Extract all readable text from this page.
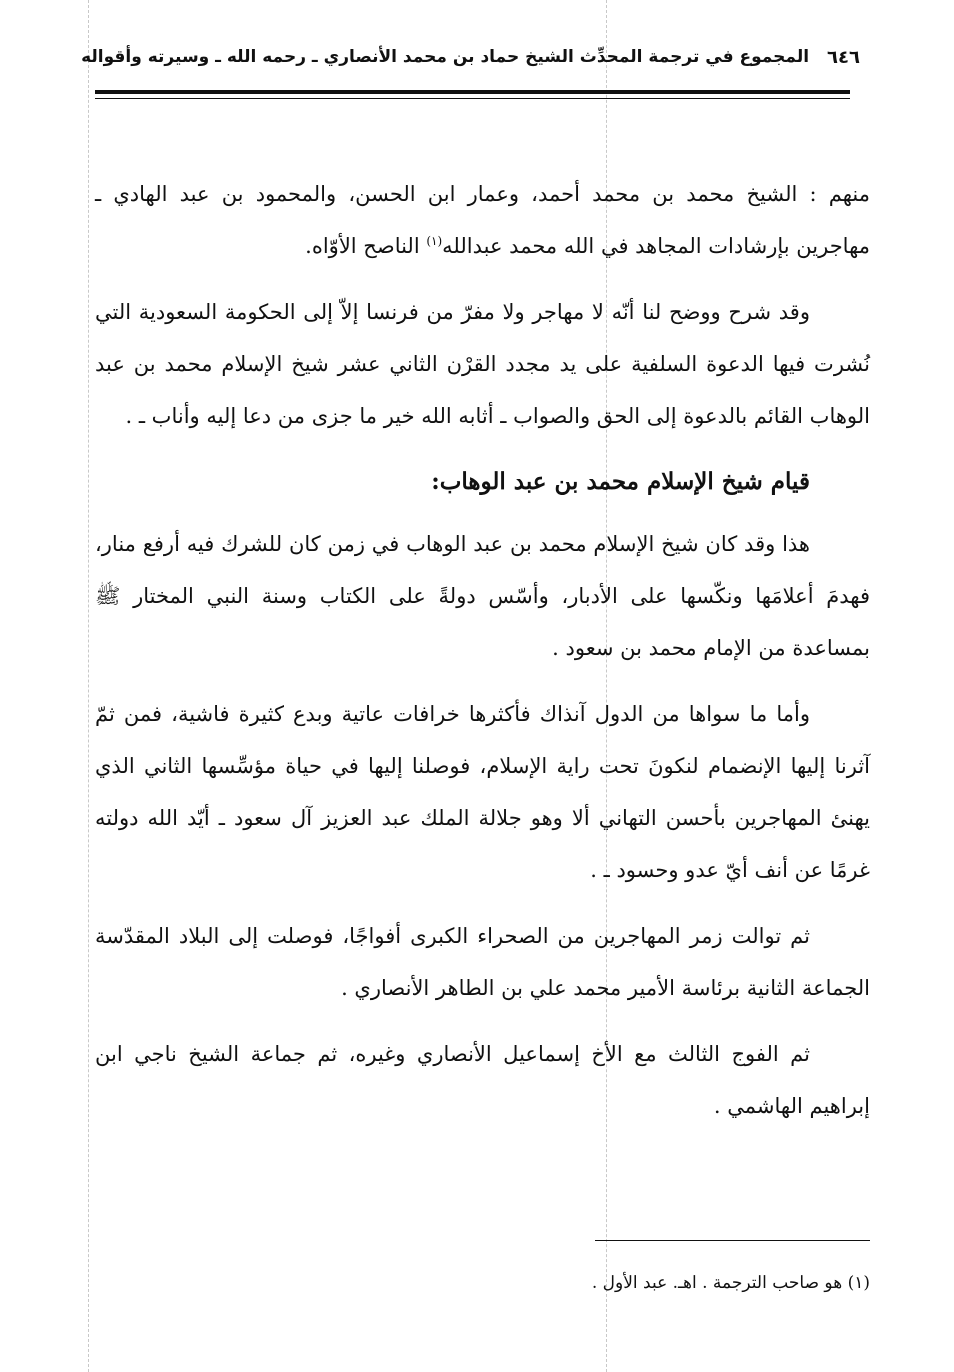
٦٤٦
المجموع في ترجمة المحدِّث الشيخ حماد بن محمد الأنصاري ـ رحمه الله ـ وسيرته وأقواله

منهم : الشيخ محمد بن محمد أحمد، وعمار ابن الحسن، والمحمود بن عبد الهادي ـ مهاجرين بإرشادات المجاهد في الله محمد عبدالله$^{(١)}$ الناصح الأوّاه.

وقد شرح ووضح لنا أنّه لا مهاجر ولا مفرّ من فرنسا إلاّ إلى الحكومة السعودية التي نُشرت فيها الدعوة السلفية على يد مجدد القرْن الثاني عشر شيخ الإسلام محمد بن عبد الوهاب القائم بالدعوة إلى الحق والصواب ـ أثابه الله خير ما جزى من دعا إليه وأناب ـ .

قيام شيخ الإسلام محمد بن عبد الوهاب:

هذا وقد كان شيخ الإسلام محمد بن عبد الوهاب في زمن كان للشرك فيه أرفع منار، فهدمَ أعلامَها ونكّسها على الأدبار، وأسّس دولةً على الكتاب وسنة النبي المختار ﷺ بمساعدة من الإمام محمد بن سعود .

وأما ما سواها من الدول آنذاك فأكثرها خرافات عاتية وبدع كثيرة فاشية، فمن ثمّ آثرنا إليها الإنضمام لنكونَ تحت راية الإسلام، فوصلنا إليها في حياة مؤسِّسها الثاني الذي يهنئ المهاجرين بأحسن التهاني ألا وهو جلالة الملك عبد العزيز آل سعود ـ أيّد الله دولته غرمًا عن أنف أيّ عدو وحسود ـ .

ثم توالت زمر المهاجرين من الصحراء الكبرى أفواجًا، فوصلت إلى البلاد المقدّسة الجماعة الثانية برئاسة الأمير محمد علي بن الطاهر الأنصاري .

ثم الفوج الثالث مع الأخ إسماعيل الأنصاري وغيره، ثم جماعة الشيخ ناجي ابن إبراهيم الهاشمي .

(١) هو صاحب الترجمة . اهـ. عبد الأول .
